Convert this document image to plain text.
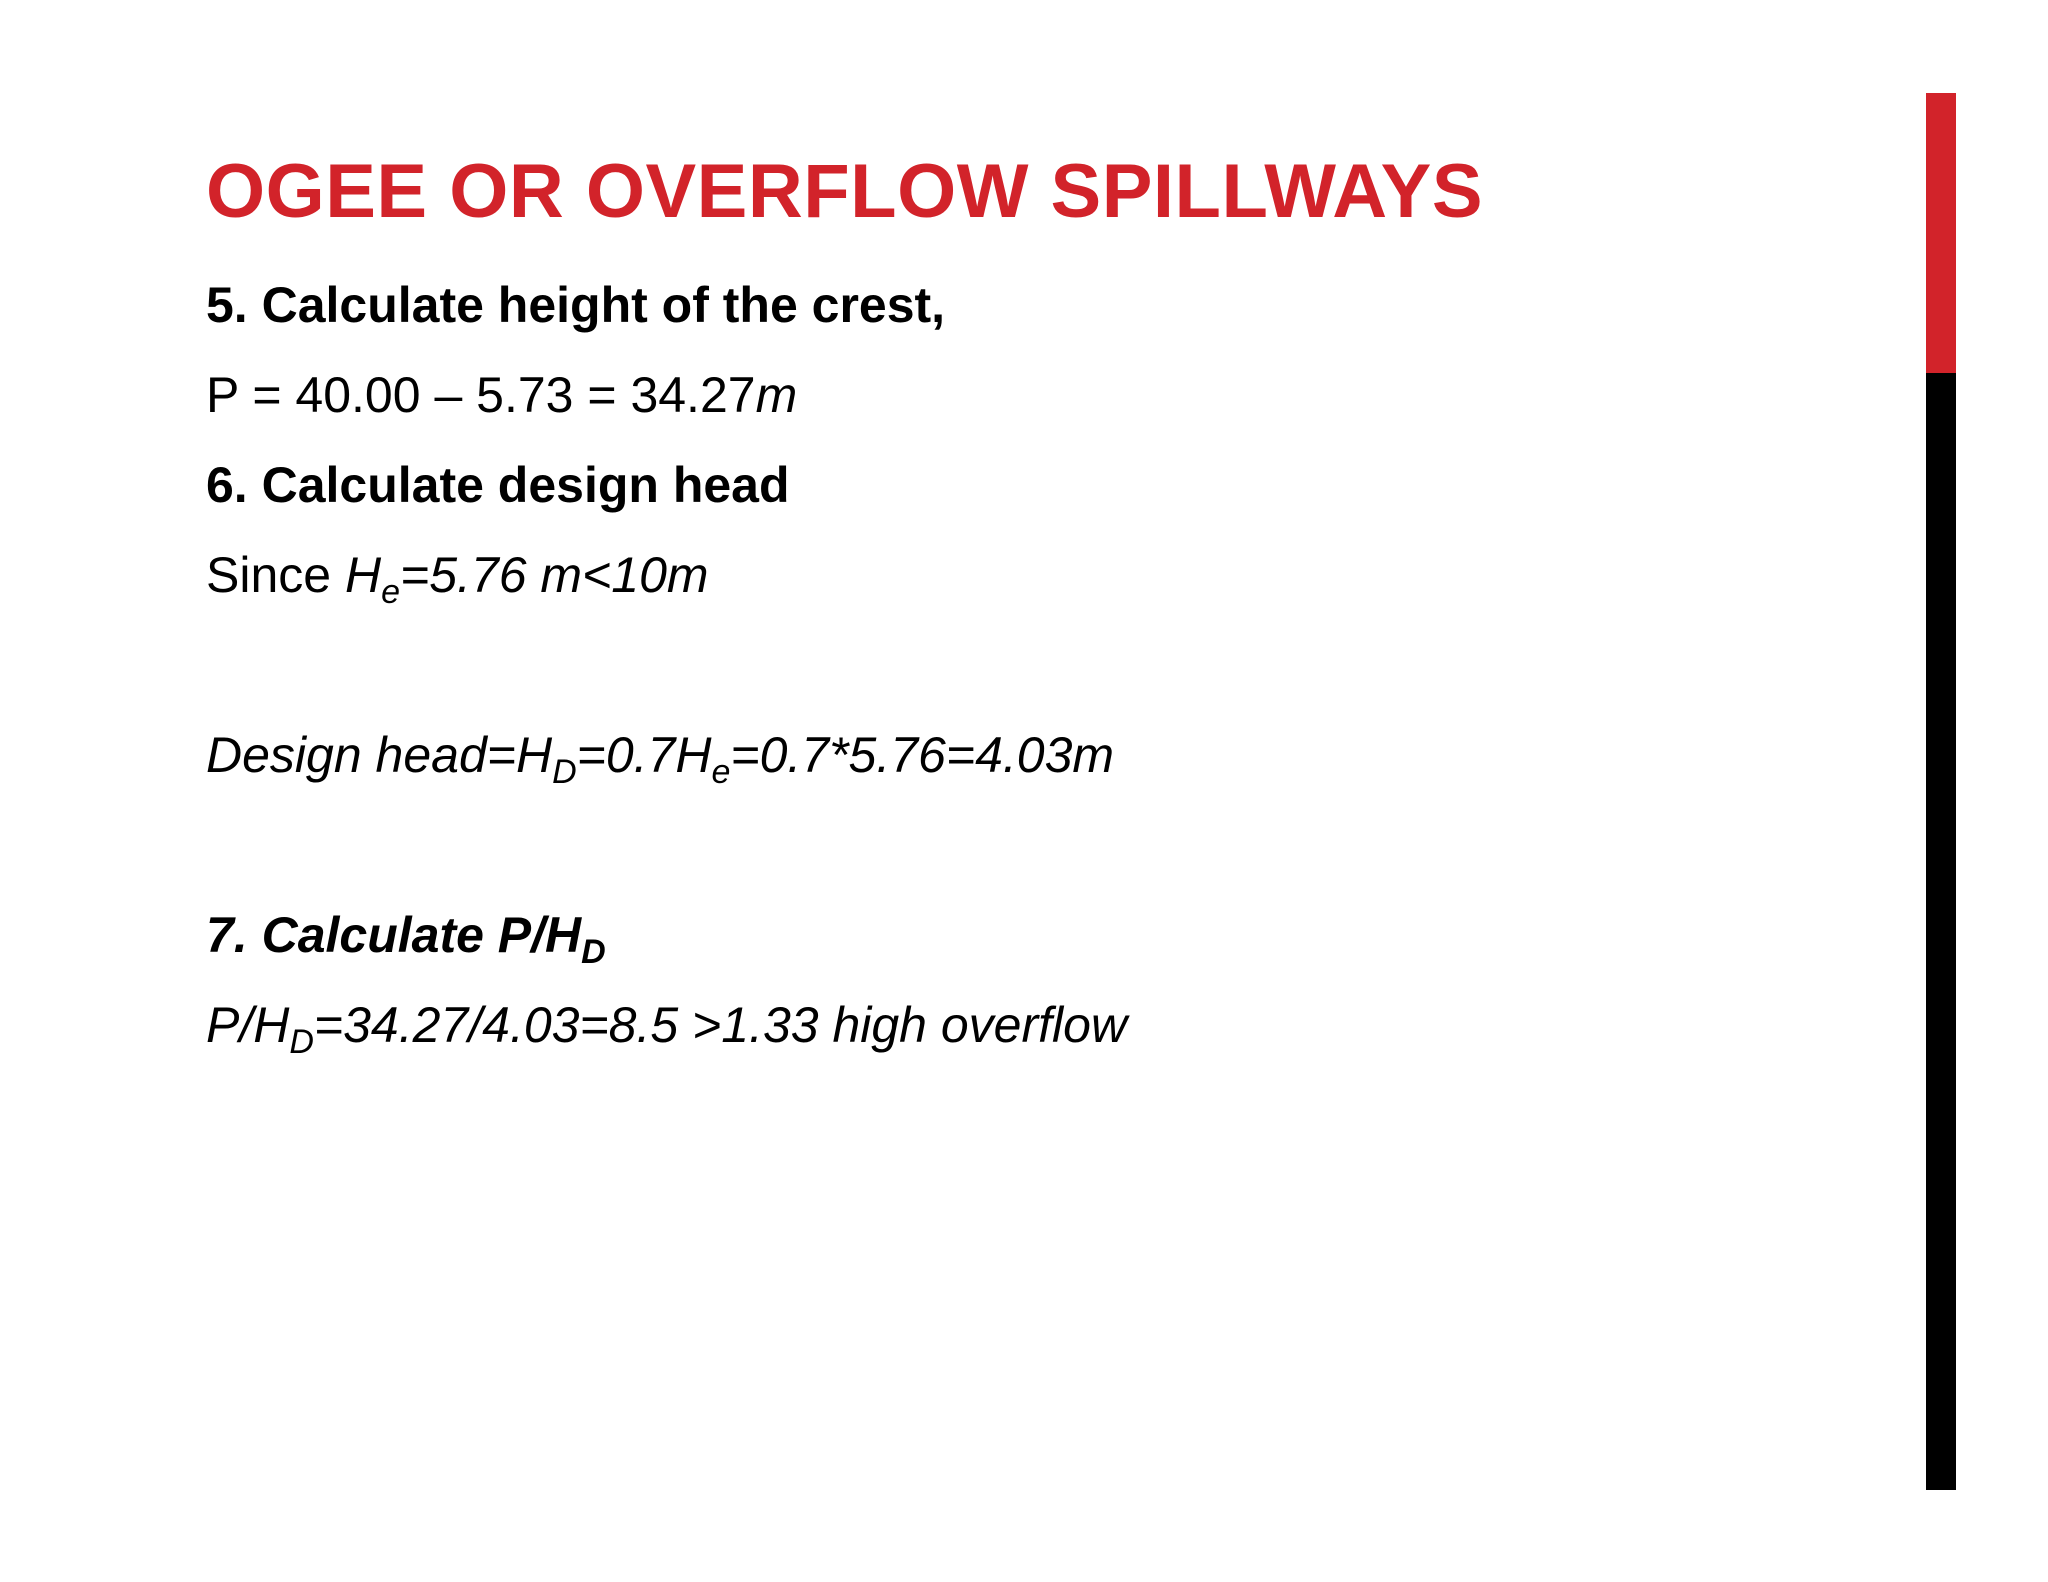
OGEE OR OVERFLOW SPILLWAYS

5. Calculate height of the crest,

P = 40.00 – 5.73 = 34.27m

6. Calculate design head

Since $H_e=5.76$ m<10m

Design $head=H_D=0.7H_e=0.7*5.76=4.03m$

7. Calculate $P/H_D$

$P/H_D=34.27/4.03=8.5 >1.33$ high overflow
